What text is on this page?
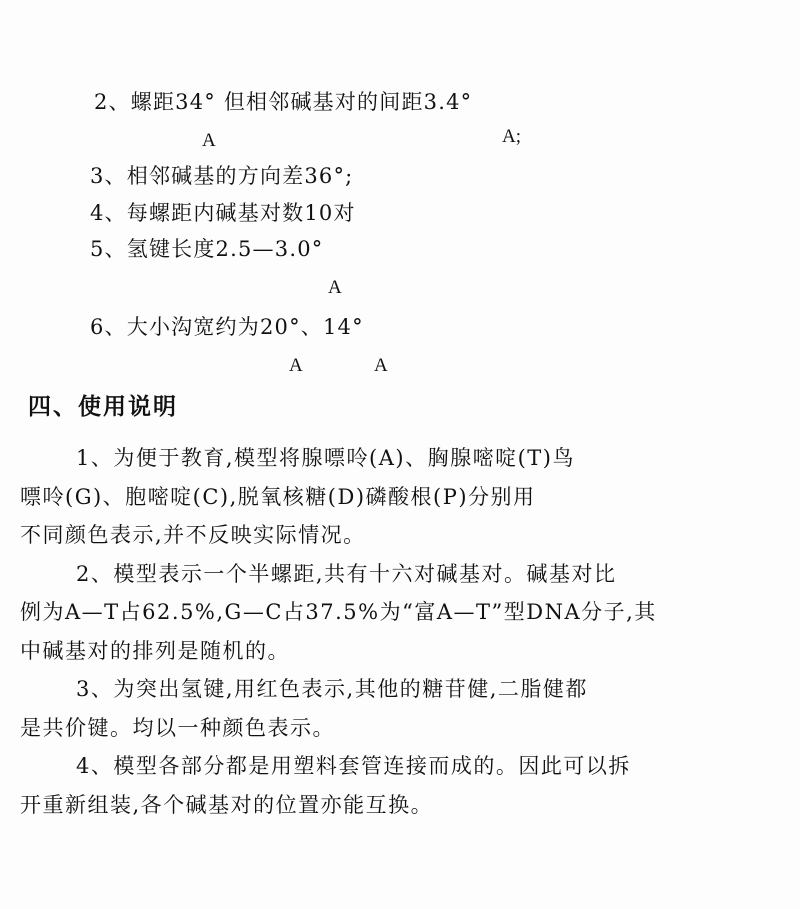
2、螺距34° 但相邻碱基对的间距3.4°
A	A;
3、相邻碱基的方向差36°;
4、每螺距内碱基对数10对
5、氢键长度2.5—3.0°
A
6、大小沟宽约为20°、14°
A	A
四、使用说明

1、为便于教育,模型将腺嘌呤(A)、胸腺嘧啶(T)鸟

嘌呤(G)、胞嘧啶(C),脱氧核糖(D)磷酸根(P)分别用

不同颜色表示,并不反映实际情况。

2、模型表示一个半螺距,共有十六对碱基对。碱基对比

例为A—T占62.5%,G—C占37.5%为“富A—T”型DNA分子,其

中碱基对的排列是随机的。

3、为突出氢键,用红色表示,其他的糖苷健,二脂健都

是共价键。均以一种颜色表示。

4、模型各部分都是用塑料套管连接而成的。因此可以拆

开重新组装,各个碱基对的位置亦能互换。
